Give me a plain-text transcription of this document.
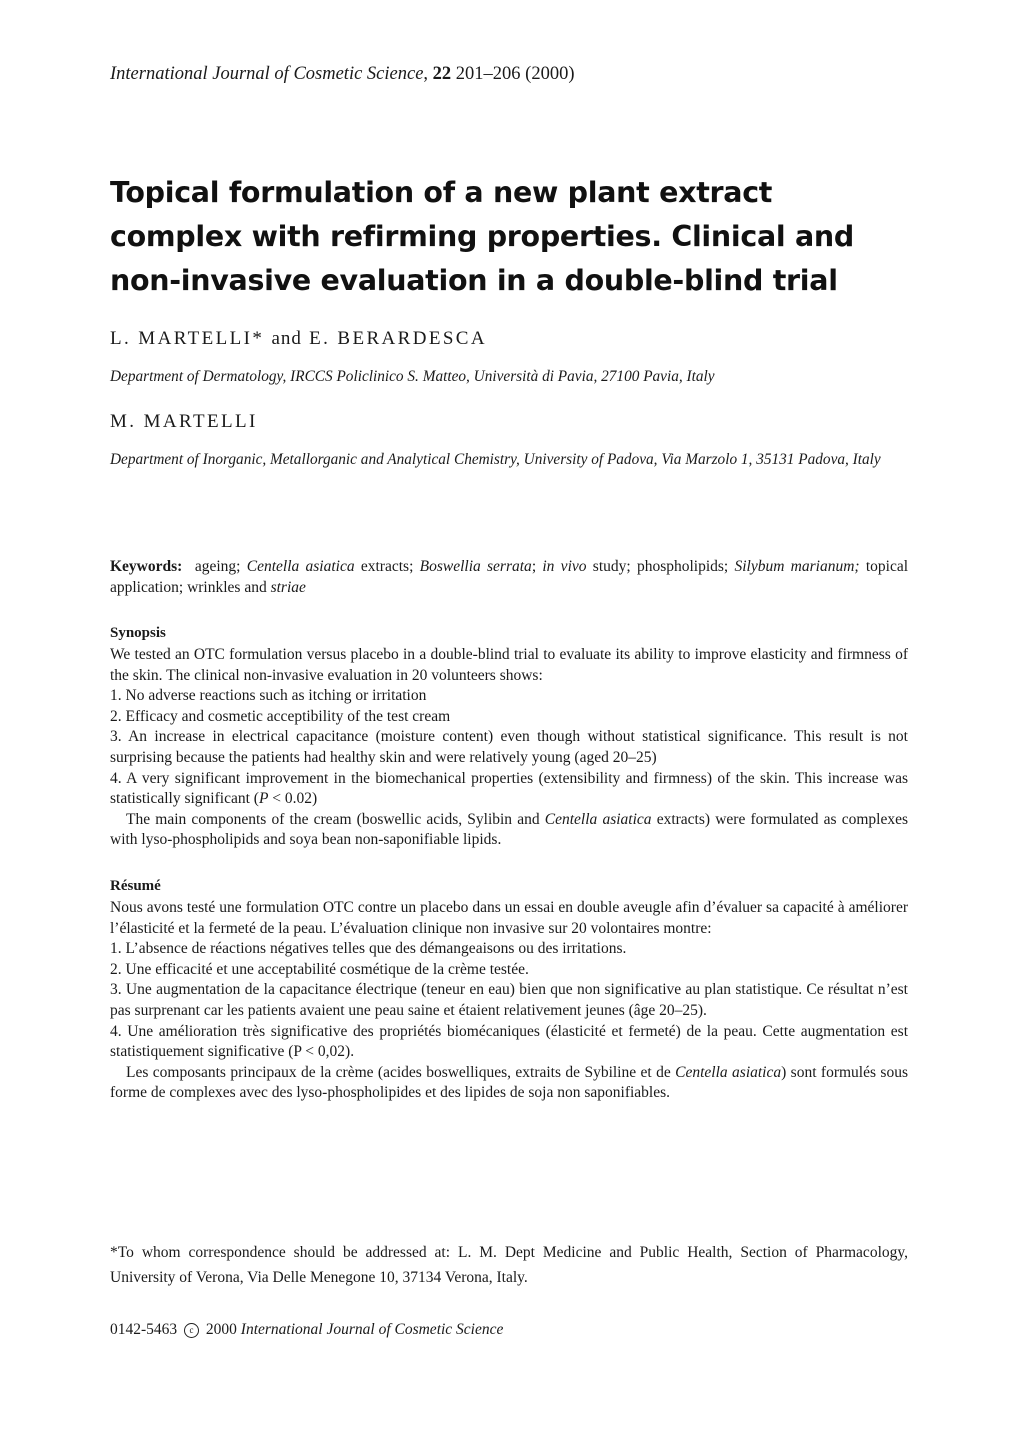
International Journal of Cosmetic Science, 22 201–206 (2000)
Topical formulation of a new plant extract complex with refirming properties. Clinical and non-invasive evaluation in a double-blind trial
L. MARTELLI* and E. BERARDESCA
Department of Dermatology, IRCCS Policlinico S. Matteo, Università di Pavia, 27100 Pavia, Italy
M. MARTELLI
Department of Inorganic, Metallorganic and Analytical Chemistry, University of Padova, Via Marzolo 1, 35131 Padova, Italy
Keywords: ageing; Centella asiatica extracts; Boswellia serrata; in vivo study; phospholipids; Silybum marianum; topical application; wrinkles and striae
Synopsis

We tested an OTC formulation versus placebo in a double-blind trial to evaluate its ability to improve elasticity and firmness of the skin. The clinical non-invasive evaluation in 20 volunteers shows:

1. No adverse reactions such as itching or irritation

2. Efficacy and cosmetic acceptibility of the test cream

3. An increase in electrical capacitance (moisture content) even though without statistical significance. This result is not surprising because the patients had healthy skin and were relatively young (aged 20–25)

4. A very significant improvement in the biomechanical properties (extensibility and firmness) of the skin. This increase was statistically significant (P < 0.02)

The main components of the cream (boswellic acids, Sylibin and Centella asiatica extracts) were formulated as complexes with lyso-phospholipids and soya bean non-saponifiable lipids.

Résumé

Nous avons testé une formulation OTC contre un placebo dans un essai en double aveugle afin d’évaluer sa capacité à améliorer l’élasticité et la fermeté de la peau. L’évaluation clinique non invasive sur 20 volontaires montre:

1. L’absence de réactions négatives telles que des démangeaisons ou des irritations.

2. Une efficacité et une acceptabilité cosmétique de la crème testée.

3. Une augmentation de la capacitance électrique (teneur en eau) bien que non significative au plan statistique. Ce résultat n’est pas surprenant car les patients avaient une peau saine et étaient relativement jeunes (âge 20–25).

4. Une amélioration très significative des propriétés biomécaniques (élasticité et fermeté) de la peau. Cette augmentation est statistiquement significative (P < 0,02).

Les composants principaux de la crème (acides boswelliques, extraits de Sybiline et de Centella asiatica) sont formulés sous forme de complexes avec des lyso-phospholipides et des lipides de soja non saponifiables.

*To whom correspondence should be addressed at: L. M. Dept Medicine and Public Health, Section of Pharmacology, University of Verona, Via Delle Menegone 10, 37134 Verona, Italy.
0142-5463 c 2000 International Journal of Cosmetic Science
